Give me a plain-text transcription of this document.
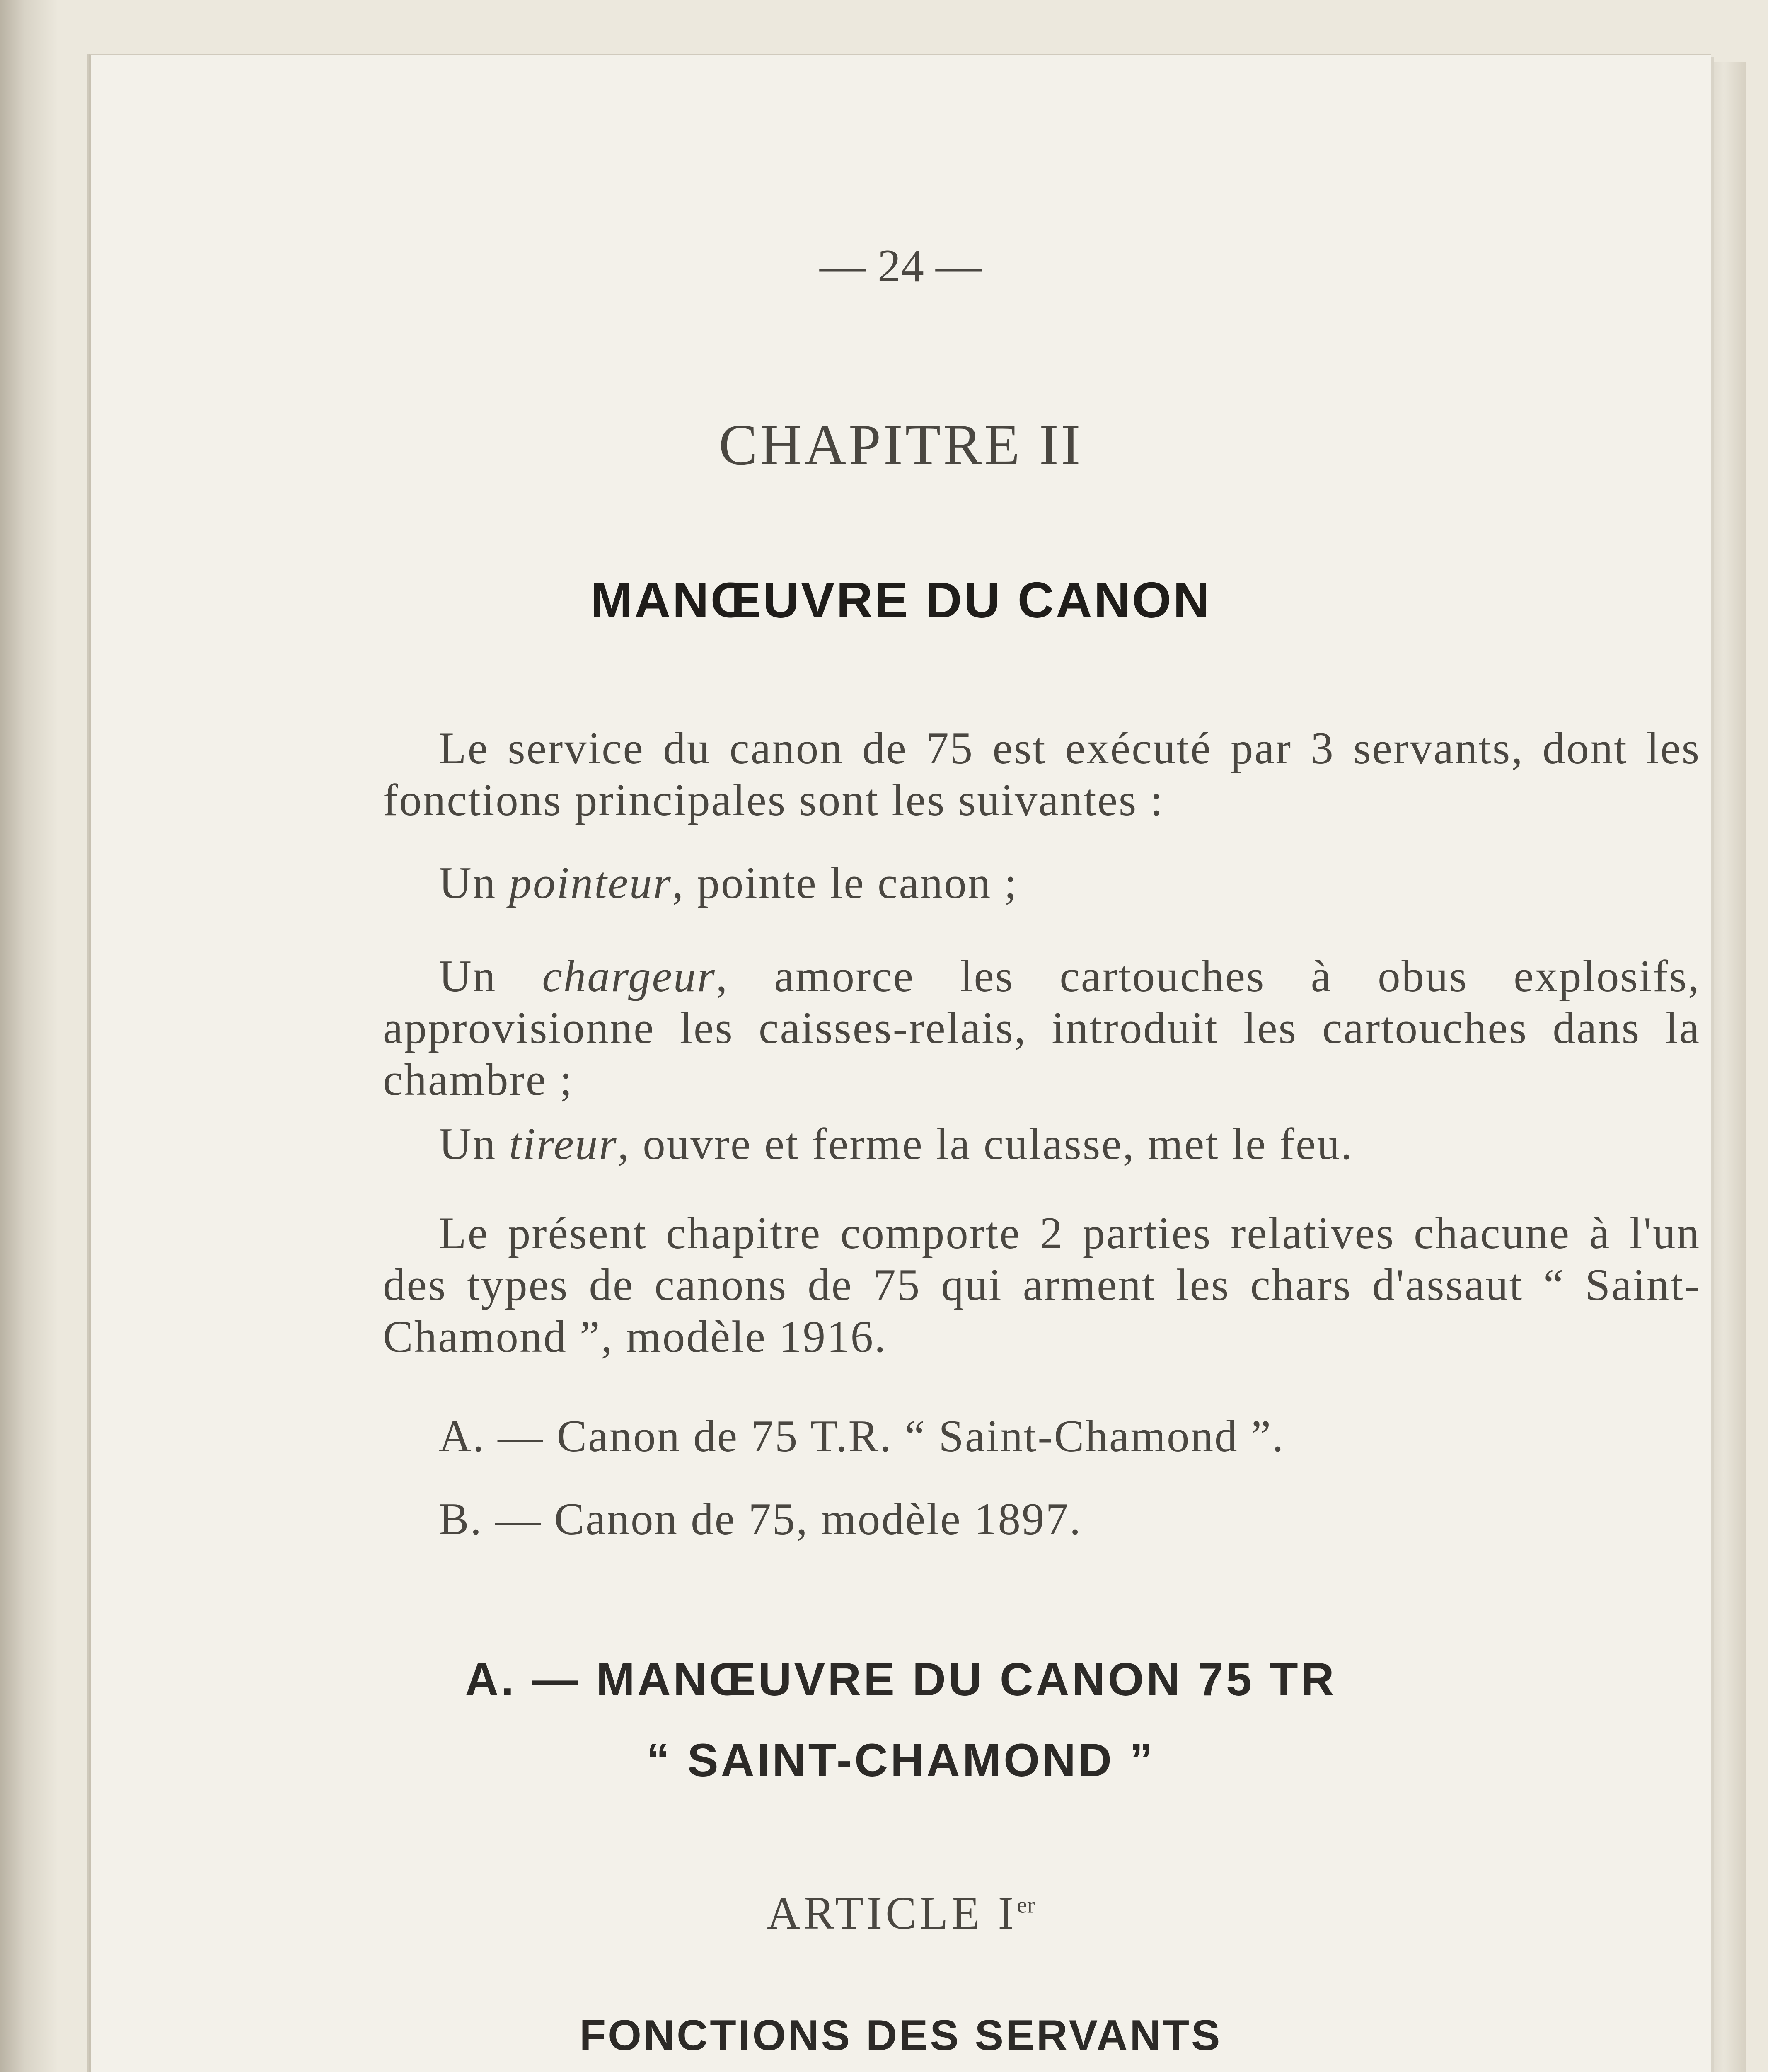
— 24 —
CHAPITRE II
MANŒUVRE DU CANON

Le service du canon de 75 est exécuté par 3 servants, dont les fonctions principales sont les suivantes :

Un pointeur, pointe le canon ;

Un chargeur, amorce les cartouches à obus explosifs, approvisionne les caisses-relais, introduit les cartouches dans la chambre ;

Un tireur, ouvre et ferme la culasse, met le feu.

Le présent chapitre comporte 2 parties relatives chacune à l'un des types de canons de 75 qui arment les chars d'assaut “ Saint-Chamond ”, modèle 1916.

A. — Canon de 75 T.R. “ Saint-Chamond ”.

B. — Canon de 75, modèle 1897.

A. — MANŒUVRE DU CANON 75 TR
“ SAINT-CHAMOND ”
ARTICLE Ier
FONCTIONS DES SERVANTS
